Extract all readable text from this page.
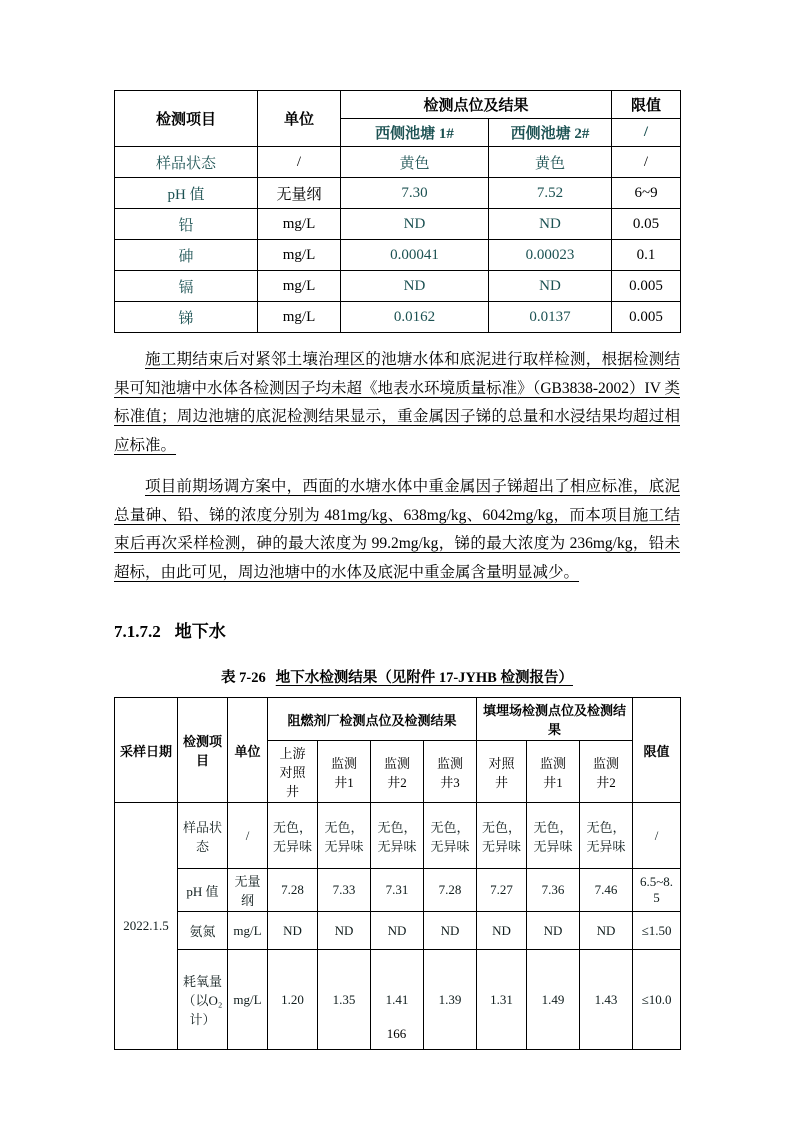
检测项目	单位	检测点位及结果		限值
		西侧池塘 1#	西侧池塘 2#	/
样品状态	/	黄色	黄色	/
pH 值	无量纲	7.30	7.52	6~9
铅	mg/L	ND	ND	0.05
砷	mg/L	0.00041	0.00023	0.1
镉	mg/L	ND	ND	0.005
锑	mg/L	0.0162	0.0137	0.005

施工期结束后对紧邻土壤治理区的池塘水体和底泥进行取样检测，根据检测结果可知池塘中水体各检测因子均未超《地表水环境质量标准》（GB3838-2002）IV 类标准值；周边池塘的底泥检测结果显示，重金属因子锑的总量和水浸结果均超过相应标准。

项目前期场调方案中，西面的水塘水体中重金属因子锑超出了相应标准，底泥总量砷、铅、锑的浓度分别为 481mg/kg、638mg/kg、6042mg/kg，而本项目施工结束后再次采样检测，砷的最大浓度为 99.2mg/kg，锑的最大浓度为 236mg/kg，铅未超标，由此可见，周边池塘中的水体及底泥中重金属含量明显减少。

7.1.7.2 地下水
表 7-26 地下水检测结果（见附件 17-JYHB 检测报告）
采样日期	检测项目	单位	阻燃剂厂检测点位及检测结果				填埋场检测点位及检测结果			限值
			上游对照井	监测井1	监测井2	监测井3	对照井	监测井1	监测井2	
2022.1.5	样品状态	/	无色，无异味	无色，无异味	无色，无异味	无色，无异味	无色，无异味	无色，无异味	无色，无异味	/
	pH 值	无量纲	7.28	7.33	7.31	7.28	7.27	7.36	7.46	6.5~8.5
	氨氮	mg/L	ND	ND	ND	ND	ND	ND	ND	≤1.50
	耗氧量（以O₂计）	mg/L	1.20	1.35	1.41	1.39	1.31	1.49	1.43	≤10.0
166
